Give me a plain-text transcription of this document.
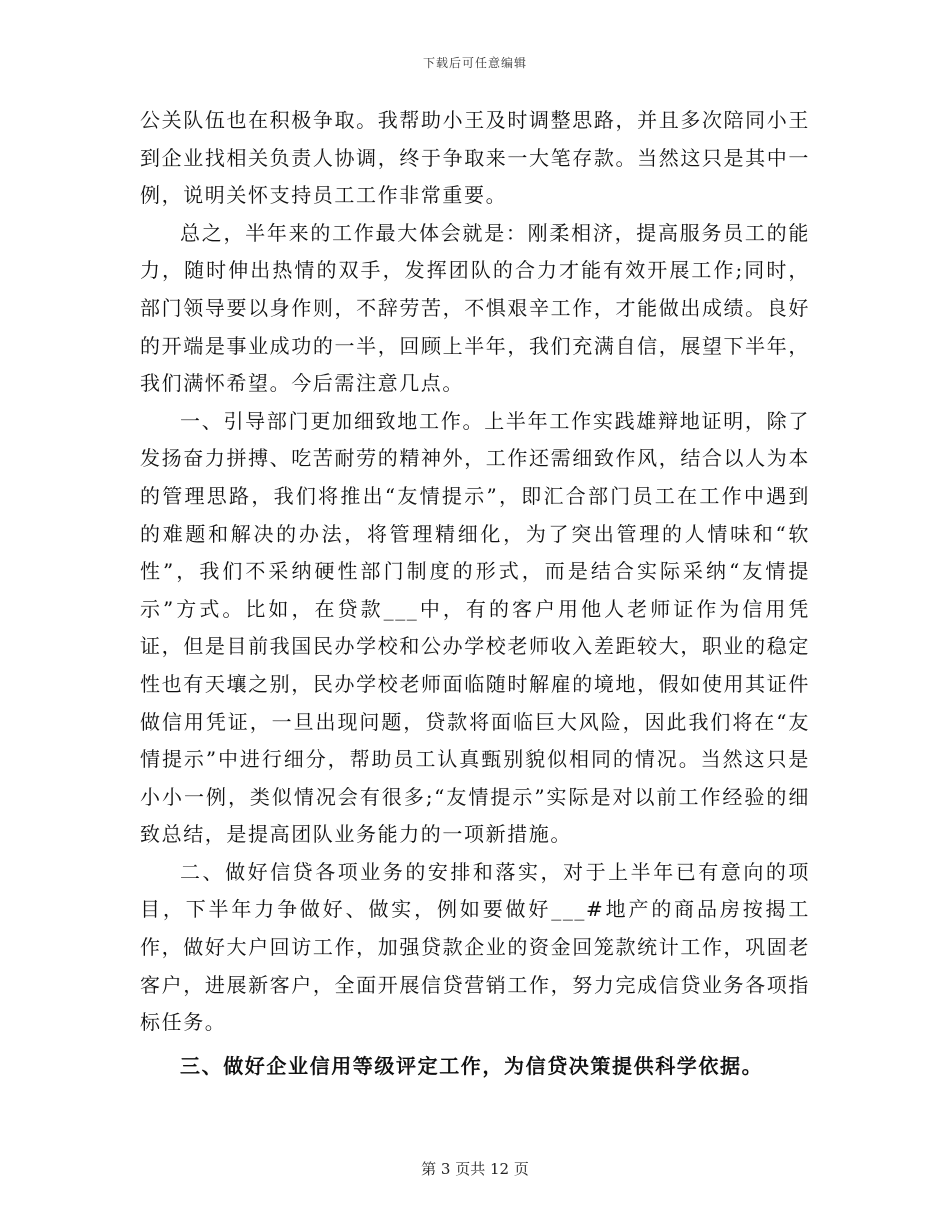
下载后可任意编辑

公关队伍也在积极争取。我帮助小王及时调整思路，并且多次陪同小王到企业找相关负责人协调，终于争取来一大笔存款。当然这只是其中一例，说明关怀支持员工工作非常重要。

总之，半年来的工作最大体会就是：刚柔相济，提高服务员工的能力，随时伸出热情的双手，发挥团队的合力才能有效开展工作;同时，部门领导要以身作则，不辞劳苦，不惧艰辛工作，才能做出成绩。良好的开端是事业成功的一半，回顾上半年，我们充满自信，展望下半年，我们满怀希望。今后需注意几点。

一、引导部门更加细致地工作。上半年工作实践雄辩地证明，除了发扬奋力拼搏、吃苦耐劳的精神外，工作还需细致作风，结合以人为本的管理思路，我们将推出“友情提示”，即汇合部门员工在工作中遇到的难题和解决的办法，将管理精细化，为了突出管理的人情味和“软性”，我们不采纳硬性部门制度的形式，而是结合实际采纳“友情提示”方式。比如，在贷款___中，有的客户用他人老师证作为信用凭证，但是目前我国民办学校和公办学校老师收入差距较大，职业的稳定性也有天壤之别，民办学校老师面临随时解雇的境地，假如使用其证件做信用凭证，一旦出现问题，贷款将面临巨大风险，因此我们将在“友情提示”中进行细分，帮助员工认真甄别貌似相同的情况。当然这只是小小一例，类似情况会有很多;“友情提示”实际是对以前工作经验的细致总结，是提高团队业务能力的一项新措施。

二、做好信贷各项业务的安排和落实，对于上半年已有意向的项目，下半年力争做好、做实，例如要做好___#地产的商品房按揭工作，做好大户回访工作，加强贷款企业的资金回笼款统计工作，巩固老客户，进展新客户，全面开展信贷营销工作，努力完成信贷业务各项指标任务。

三、做好企业信用等级评定工作，为信贷决策提供科学依据。

第 3 页共 12 页
